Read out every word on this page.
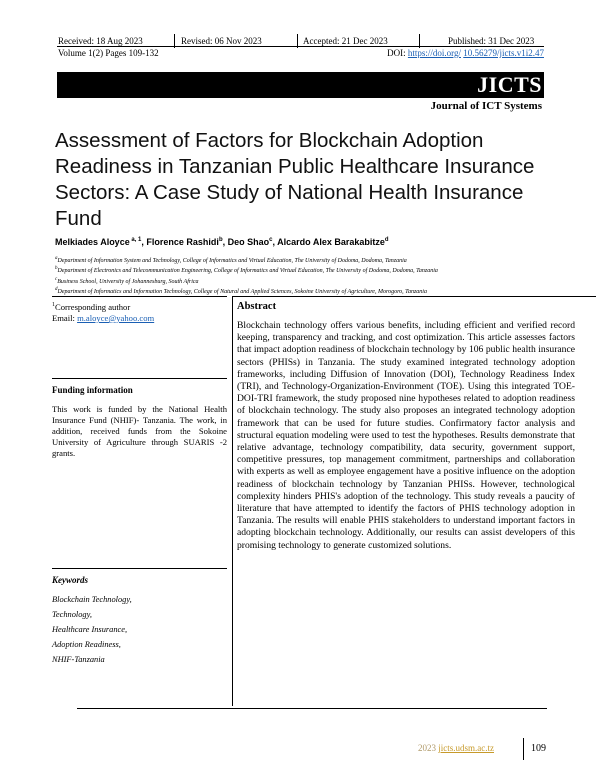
Received: 18 Aug 2023	Revised: 06 Nov 2023	Accepted: 21 Dec 2023	Published: 31 Dec 2023
Volume 1(2) Pages 109-132	DOI: https://doi.org/ 10.56279/jicts.v1i2.47
JICTS
Journal of ICT Systems
Assessment of Factors for Blockchain Adoption Readiness in Tanzanian Public Healthcare Insurance Sectors: A Case Study of National Health Insurance Fund
Melkiades Aloyce $^{a, 1}$, Florence Rashidi$^b$, Deo Shao$^c$, Alcardo Alex Barakabitze$^d$
$^a$Department of Information System and Technology, College of Informatics and Virtual Education, The University of Dodoma, Dodoma, Tanzania
$^b$Department of Electronics and Telecommunication Engineering, College of Informatics and Virtual Education, The University of Dodoma, Dodoma, Tanzania
$^c$Business School, University of Johannesburg, South Africa
$^d$Department of Informatics and Information Technology, College of Natural and Applied Sciences, Sokoine University of Agriculture, Morogoro, Tanzania
$^1$Corresponding author
Email: m.aloyce@yahoo.com
Funding information
This work is funded by the National Health Insurance Fund (NHIF)- Tanzania. The work, in addition, received funds from the Sokoine University of Agriculture through SUARIS -2 grants.
Keywords
Blockchain Technology,
Technology,
Healthcare Insurance,
Adoption Readiness,
NHIF-Tanzania
Abstract
Blockchain technology offers various benefits, including efficient and verified record keeping, transparency and tracking, and cost optimization. This article assesses factors that impact adoption readiness of blockchain technology by 106 public health insurance sectors (PHISs) in Tanzania. The study examined integrated technology adoption frameworks, including Diffusion of Innovation (DOI), Technology Readiness Index (TRI), and Technology-Organization-Environment (TOE). Using this integrated TOE-DOI-TRI framework, the study proposed nine hypotheses related to adoption readiness of blockchain technology. The study also proposes an integrated technology adoption framework that can be used for future studies. Confirmatory factor analysis and structural equation modeling were used to test the hypotheses. Results demonstrate that relative advantage, technology compatibility, data security, government support, competitive pressures, top management commitment, partnerships and collaboration with experts as well as employee engagement have a positive influence on the adoption readiness of blockchain technology by Tanzanian PHISs. However, technological complexity hinders PHIS's adoption of the technology. This study reveals a paucity of literature that have attempted to identify the factors of PHIS technology adoption in Tanzania. The results will enable PHIS stakeholders to understand important factors in adopting blockchain technology. Additionally, our results can assist developers of this promising technology to generate customized solutions.
2023 jicts.udsm.ac.tz	109
